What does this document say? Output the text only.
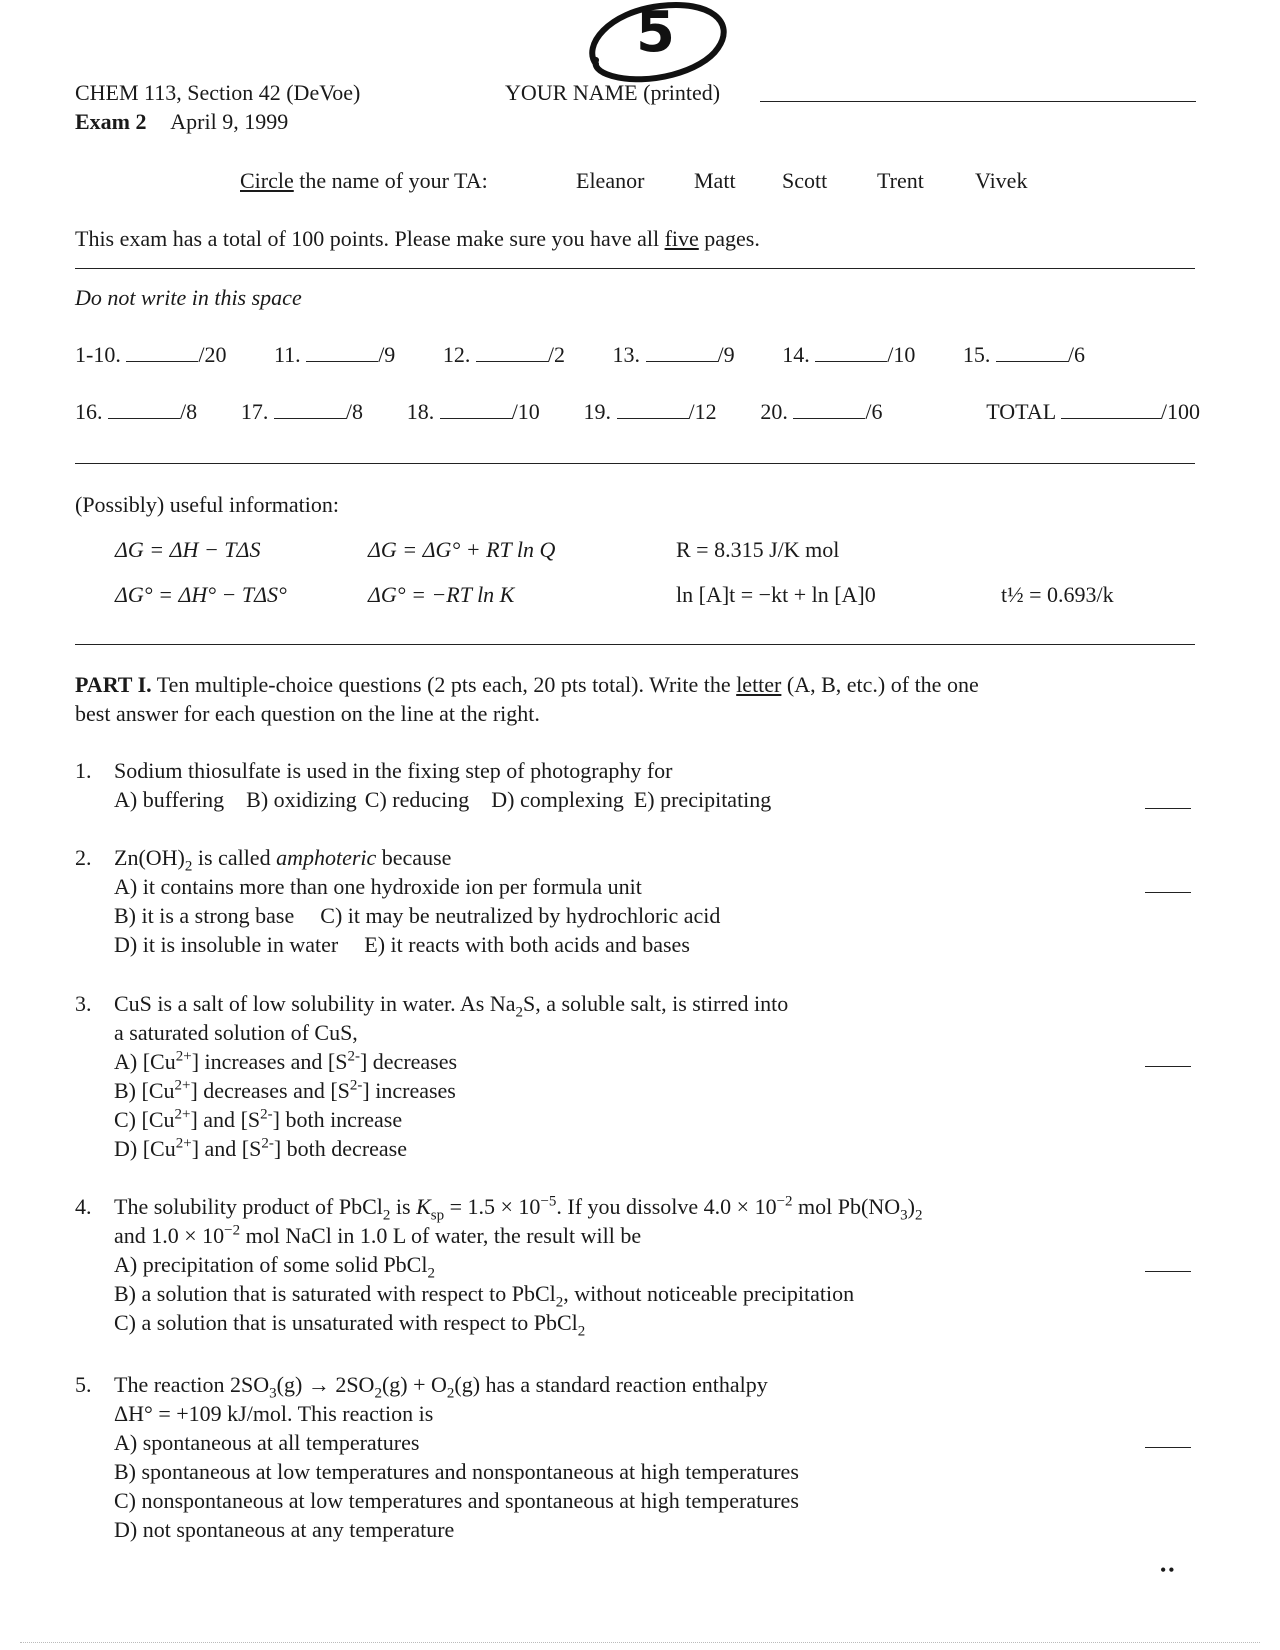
CHEM 113, Section 42 (DeVoe)
Exam 2 April 9, 1999
YOUR NAME (printed)
5
Circle the name of your TA:	Eleanor Matt Scott Trent Vivek
This exam has a total of 100 points. Please make sure you have all five pages.
Do not write in this space
1-10.	/20 11.	/9 12.	/2 13.	/9 14.	/10 15.	/6
16.	/8 17.	/8 18.	/10 19.	/12 20.	/6	TOTAL	/100
(Possibly) useful information:
ΔG = ΔH − TΔS	ΔG = ΔG° + RT ln Q	R = 8.315 J/K mol
ΔG° = ΔH° − TΔS°	ΔG° = −RT ln K	ln [A]t = −kt + ln [A]0	t½ = 0.693/k
PART I. Ten multiple-choice questions (2 pts each, 20 pts total). Write the letter (A, B, etc.) of the one
best answer for each question on the line at the right.
1. Sodium thiosulfate is used in the fixing step of photography for
A) buffering B) oxidizing C) reducing D) complexing E) precipitating
2. $Zn(OH)_2$ is called amphoteric because
A) it contains more than one hydroxide ion per formula unit
B) it is a strong base C) it may be neutralized by hydrochloric acid
D) it is insoluble in water E) it reacts with both acids and bases
3. CuS is a salt of low solubility in water. As $Na_2S$, a soluble salt, is stirred into
a saturated solution of CuS,
A) $[Cu^{2+}]$ increases and $[S^{2-}]$ decreases
B) $[Cu^{2+}]$ decreases and $[S^{2-}]$ increases
C) $[Cu^{2+}]$ and $[S^{2-}]$ both increase
D) $[Cu^{2+}]$ and $[S^{2-}]$ both decrease
4. The solubility product of PbCl$_2$ is $K_{sp} = 1.5 \times 10^{-5}$. If you dissolve $4.0 \times 10^{-2}$ mol $Pb(NO_3)_2$
and $1.0 \times 10^{-2}$ mol NaCl in 1.0 L of water, the result will be
A) precipitation of some solid PbCl$_2$
B) a solution that is saturated with respect to PbCl$_2$, without noticeable precipitation
C) a solution that is unsaturated with respect to PbCl$_2$
5. The reaction $2SO_3(g) \to 2SO_2(g) + O_2(g)$ has a standard reaction enthalpy
ΔH° = +109 kJ/mol. This reaction is
A) spontaneous at all temperatures
B) spontaneous at low temperatures and nonspontaneous at high temperatures
C) nonspontaneous at low temperatures and spontaneous at high temperatures
D) not spontaneous at any temperature
••
